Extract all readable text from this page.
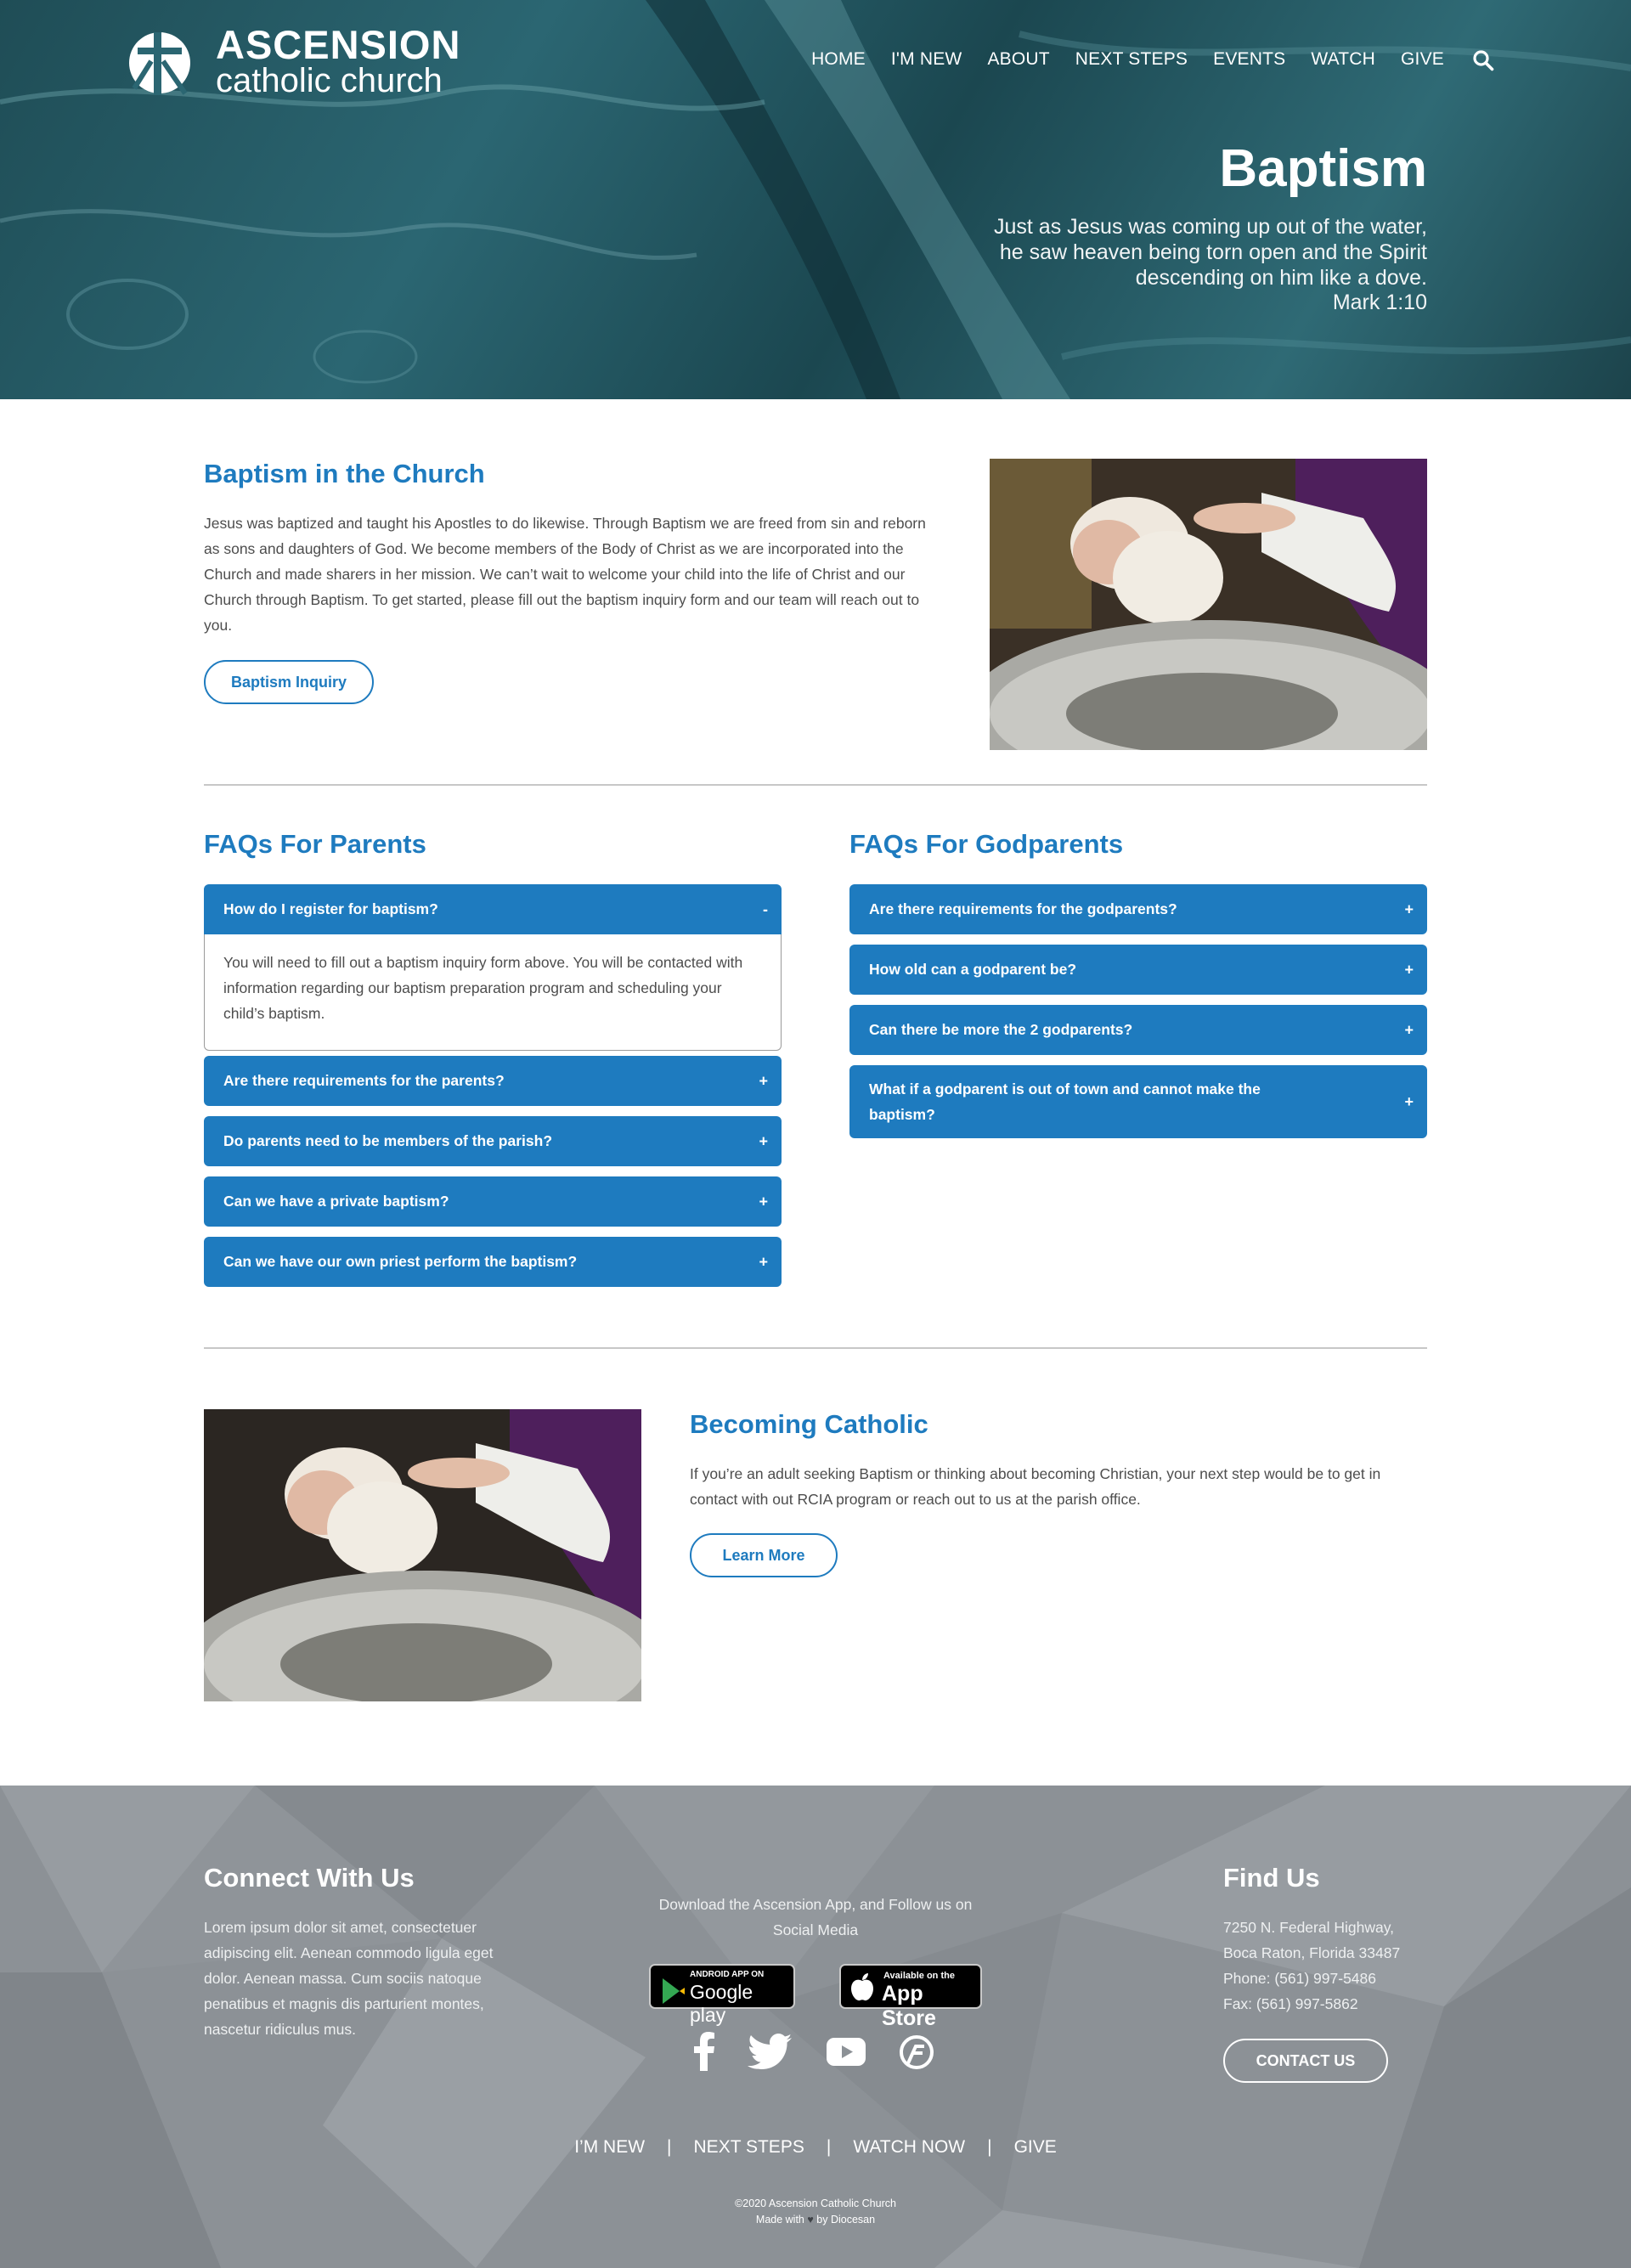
ASCENSION
catholic church
HOME I'M NEW ABOUT NEXT STEPS EVENTS WATCH GIVE
Baptism
Just as Jesus was coming up out of the water, he saw heaven being torn open and the Spirit descending on him like a dove.
Mark 1:10
Baptism in the Church
Jesus was baptized and taught his Apostles to do likewise. Through Baptism we are freed from sin and reborn as sons and daughters of God. We become members of the Body of Christ as we are incorporated into the Church and made sharers in her mission. We can’t wait to welcome your child into the life of Christ and our Church through Baptism. To get started, please fill out the baptism inquiry form and our team will reach out to you.
Baptism Inquiry
FAQs For Parents
How do I register for baptism?	-
You will need to fill out a baptism inquiry form above. You will be contacted with information regarding our baptism preparation program and scheduling your child’s baptism.
Are there requirements for the parents?	+
Do parents need to be members of the parish?	+
Can we have a private baptism?	+
Can we have our own priest perform the baptism?	+
FAQs For Godparents
Are there requirements for the godparents?	+
How old can a godparent be?	+
Can there be more the 2 godparents?	+
What if a godparent is out of town and cannot make the baptism?
+
Becoming Catholic
If you’re an adult seeking Baptism or thinking about becoming Christian, your next step would be to get in contact with out RCIA program or reach out to us at the parish office.
Learn More
Connect With Us
Lorem ipsum dolor sit amet, consectetuer adipiscing elit. Aenean commodo ligula eget dolor. Aenean massa. Cum sociis natoque penatibus et magnis dis parturient montes, nascetur ridiculus mus.
Download the Ascension App, and Follow us on Social Media
ANDROID APP ON
Google play
Available on the
App Store
Find Us
7250 N. Federal Highway,
Boca Raton, Florida 33487
Phone: (561) 997-5486
Fax: (561) 997-5862
CONTACT US
I’M NEW | NEXT STEPS | WATCH NOW | GIVE
©2020 Ascension Catholic Church
Made with ♥ by Diocesan
